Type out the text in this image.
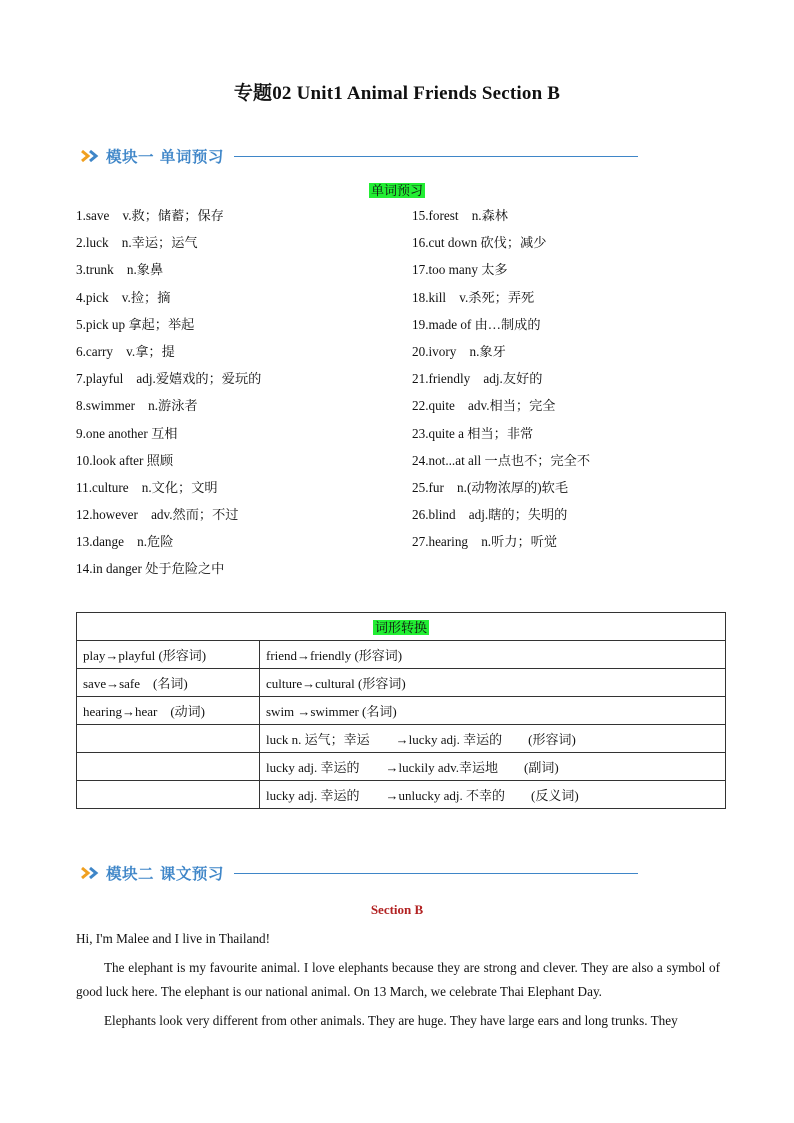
专题02 Unit1 Animal Friends Section B
模块一 单词预习
单词预习
1.save　v.救；储蓄；保存
2.luck　n.幸运；运气
3.trunk　n.象鼻
4.pick　v.捡；摘
5.pick up 拿起；举起
6.carry　v.拿；提
7.playful　adj.爱嬉戏的；爱玩的
8.swimmer　n.游泳者
9.one another 互相
10.look after 照顾
11.culture　n.文化；文明
12.however　adv.然而；不过
13.dange　n.危险
14.in danger 处于危险之中
15.forest　n.森林
16.cut down 砍伐；减少
17.too many 太多
18.kill　v.杀死；弄死
19.made of 由…制成的
20.ivory　n.象牙
21.friendly　adj.友好的
22.quite　adv.相当；完全
23.quite a 相当；非常
24.not...at all 一点也不；完全不
25.fur　n.(动物浓厚的)软毛
26.blind　adj.瞎的；失明的
27.hearing　n.听力；听觉
词形转换	
play→playful (形容词)	friend→friendly (形容词)
save→safe　(名词)	culture→cultural (形容词)
hearing→hear　(动词)	swim →swimmer (名词)
	luck n. 运气；幸运　　→lucky adj. 幸运的　　(形容词)
	lucky adj. 幸运的　　→luckily adv.幸运地　　(副词)
	lucky adj. 幸运的　　→unlucky adj. 不幸的　　(反义词)
模块二 课文预习
Section B
Hi, I'm Malee and I live in Thailand!
The elephant is my favourite animal. I love elephants because they are strong and clever. They are also a symbol of good luck here. The elephant is our national animal. On 13 March, we celebrate Thai Elephant Day.
Elephants look very different from other animals. They are huge. They have large ears and long trunks. They
